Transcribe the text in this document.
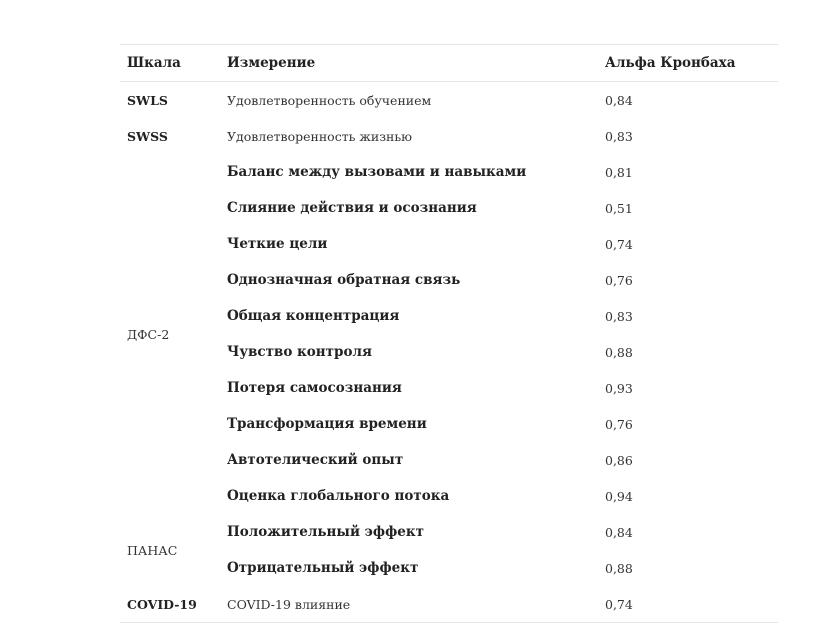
Шкала	Измерение	Альфа Кронбаха
SWLS	Удовлетворенность обучением	0,84
SWSS	Удовлетворенность жизнью	0,83
ДФС-2	Баланс между вызовами и навыками	0,81
	Слияние действия и осознания	0,51
	Четкие цели	0,74
	Однозначная обратная связь	0,76
	Общая концентрация	0,83
	Чувство контроля	0,88
	Потеря самосознания	0,93
	Трансформация времени	0,76
	Автотелический опыт	0,86
	Оценка глобального потока	0,94
ПАНАС	Положительный эффект	0,84
	Отрицательный эффект	0,88
COVID-19	COVID-19 влияние	0,74
